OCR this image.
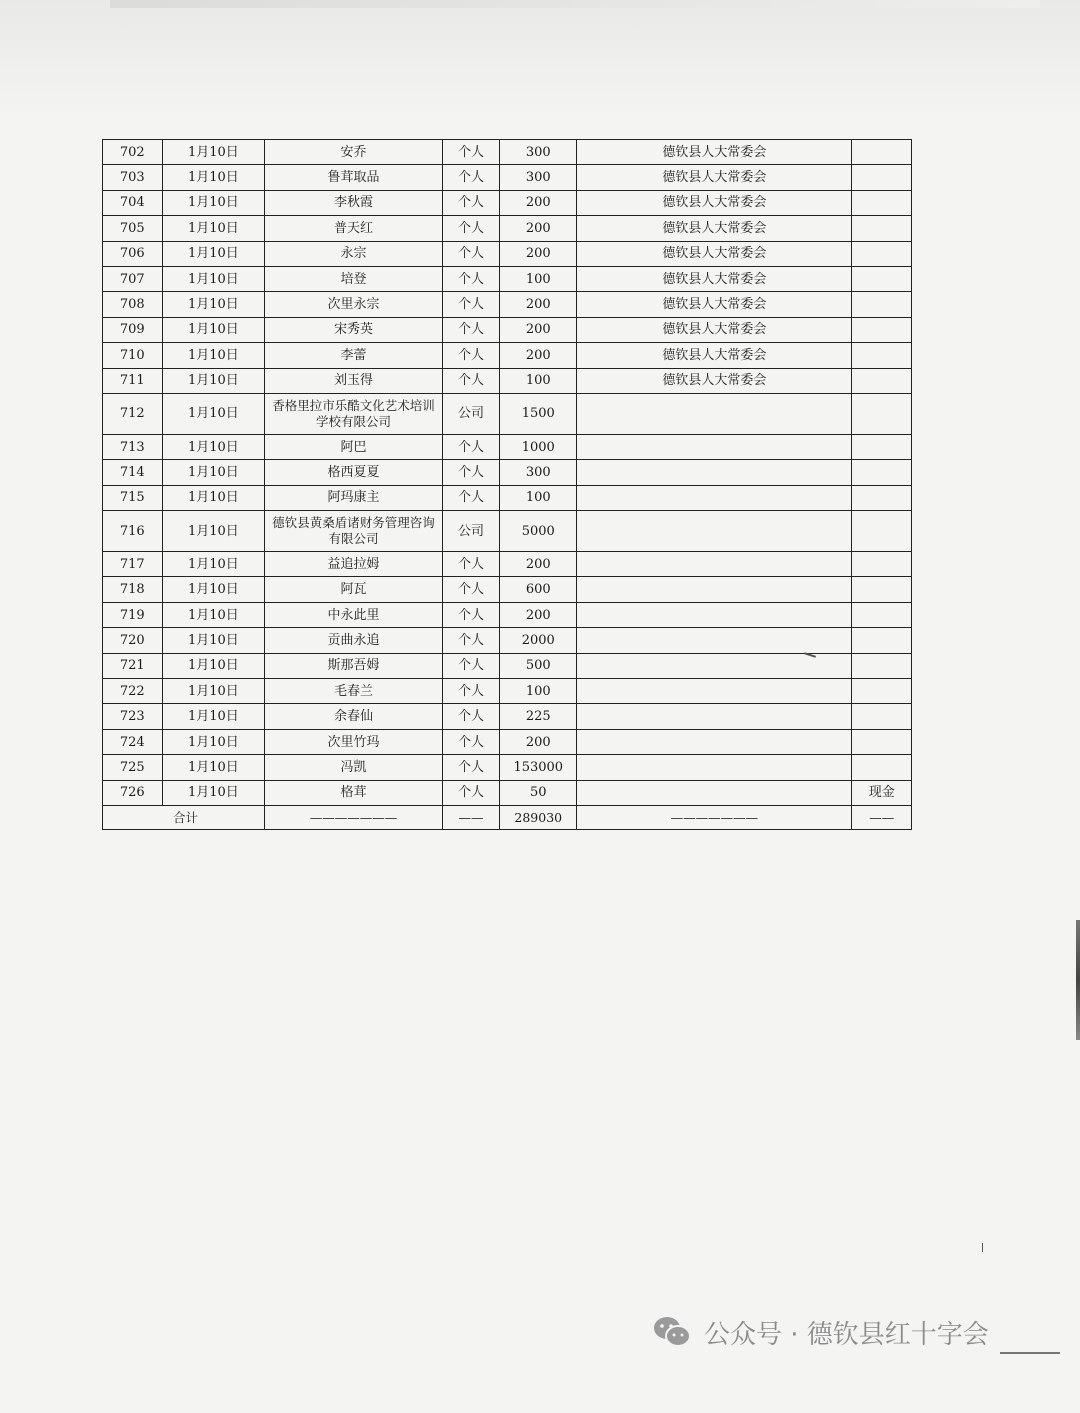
702	1月10日	安乔	个人	300	德钦县人大常委会	
703	1月10日	鲁茸取品	个人	300	德钦县人大常委会	
704	1月10日	李秋霞	个人	200	德钦县人大常委会	
705	1月10日	普天红	个人	200	德钦县人大常委会	
706	1月10日	永宗	个人	200	德钦县人大常委会	
707	1月10日	培登	个人	100	德钦县人大常委会	
708	1月10日	次里永宗	个人	200	德钦县人大常委会	
709	1月10日	宋秀英	个人	200	德钦县人大常委会	
710	1月10日	李蕾	个人	200	德钦县人大常委会	
711	1月10日	刘玉得	个人	100	德钦县人大常委会	
712	1月10日	香格里拉市乐酷文化艺术培训学校有限公司	公司	1500		
713	1月10日	阿巴	个人	1000		
714	1月10日	格西夏夏	个人	300		
715	1月10日	阿玛康主	个人	100		
716	1月10日	德钦县黄桑盾诸财务管理咨询有限公司	公司	5000		
717	1月10日	益追拉姆	个人	200		
718	1月10日	阿瓦	个人	600		
719	1月10日	中永此里	个人	200		
720	1月10日	贡曲永追	个人	2000		
721	1月10日	斯那吾姆	个人	500		
722	1月10日	毛春兰	个人	100		
723	1月10日	余春仙	个人	225		
724	1月10日	次里竹玛	个人	200		
725	1月10日	冯凯	个人	153000		
726	1月10日	格茸	个人	50		现金
合计		———————	——	289030	———————	——
公众号 · 德钦县红十字会
